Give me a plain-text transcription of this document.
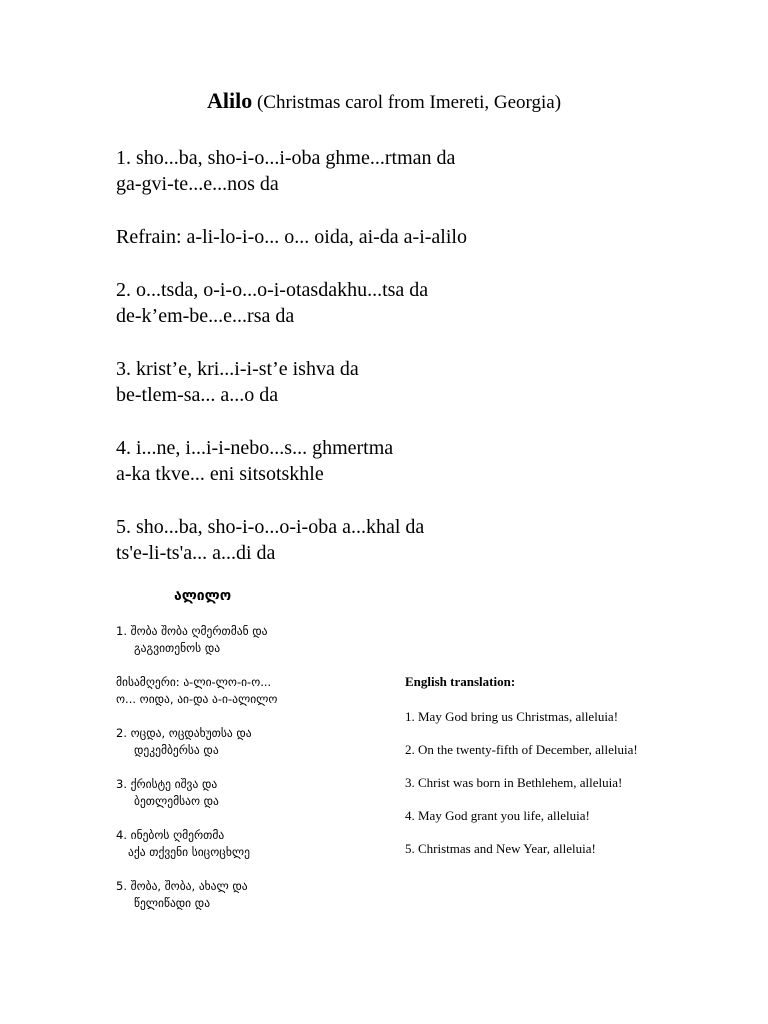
Alilo (Christmas carol from Imereti, Georgia)
1. sho...ba, sho-i-o...i-oba ghme...rtman da
ga-gvi-te...e...nos da
Refrain: a-li-lo-i-o... o... oida, ai-da a-i-alilo
2. o...tsda, o-i-o...o-i-otasdakhu...tsa da
de-k’em-be...e...rsa da
3. krist’e, kri...i-i-st’e ishva da
be-tlem-sa... a...o da
4. i...ne, i...i-i-nebo...s... ghmertma
a-ka tkve... eni sitsotskhle
5. sho...ba, sho-i-o...o-i-oba a...khal da
ts'e-li-ts'a... a...di da
ალილო
1. შობა შობა ღმერთმან და
გაგვითენოს და
მისამღერი: ა-ლი-ლო-ი-ო...
ო... ოიდა, აი-და ა-ი-ალილო
2. ოცდა, ოცდახუთსა და
დეკემბერსა და
3. ქრისტე იშვა და
ბეთლემსაო და
4. ინებოს ღმერთმა
აქა თქვენი სიცოცხლე
5. შობა, შობა, ახალ და
წელიწადი და
English translation:
1. May God bring us Christmas, alleluia!
2. On the twenty-fifth of December, alleluia!
3. Christ was born in Bethlehem, alleluia!
4. May God grant you life, alleluia!
5. Christmas and New Year, alleluia!
